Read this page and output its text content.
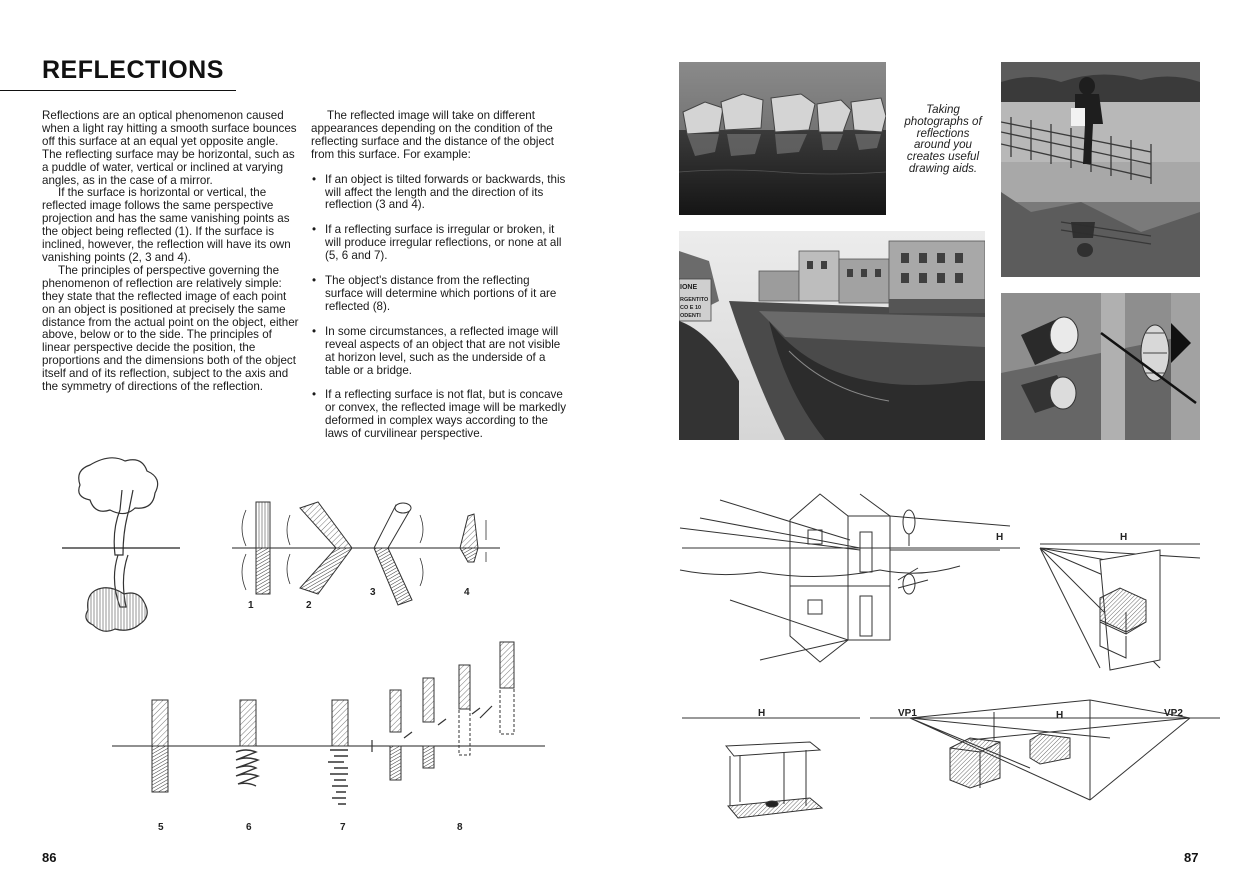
REFLECTIONS

Reflections are an optical phenomenon caused when a light ray hitting a smooth surface bounces off this surface at an equal yet opposite angle. The reflecting surface may be horizontal, such as a puddle of water, vertical or inclined at varying angles, as in the case of a mirror.

If the surface is horizontal or vertical, the reflected image follows the same perspective projection and has the same vanishing points as the object being reflected (1). If the surface is inclined, however, the reflection will have its own vanishing points (2, 3 and 4).

The principles of perspective governing the phenomenon of reflection are relatively simple: they state that the reflected image of each point on an object is positioned at precisely the same distance from the actual point on the object, either above, below or to the side. The principles of linear perspective decide the position, the proportions and the dimensions both of the object itself and of its reflection, subject to the axis and the symmetry of directions of the reflection.

The reflected image will take on different appearances depending on the condition of the reflecting surface and the distance of the object from this surface. For example:

• If an object is tilted forwards or backwards, this will affect the length and the direction of its reflection (3 and 4).
• If a reflecting surface is irregular or broken, it will produce irregular reflections, or none at all (5, 6 and 7).
• The object's distance from the reflecting surface will determine which portions of it are reflected (8).
• In some circumstances, a reflected image will reveal aspects of an object that are not visible at horizon level, such as the underside of a table or a bridge.
• If a reflecting surface is not flat, but is concave or convex, the reflected image will be markedly deformed in complex ways according to the laws of curvilinear perspective.
1	2
3	4
5	6	7	8
86
Taking photographs of reflections around you creates useful drawing aids.
IONE
RGENTITO
CO E 10
ODENTI
H	H
H	VP1	H	VP2
87
